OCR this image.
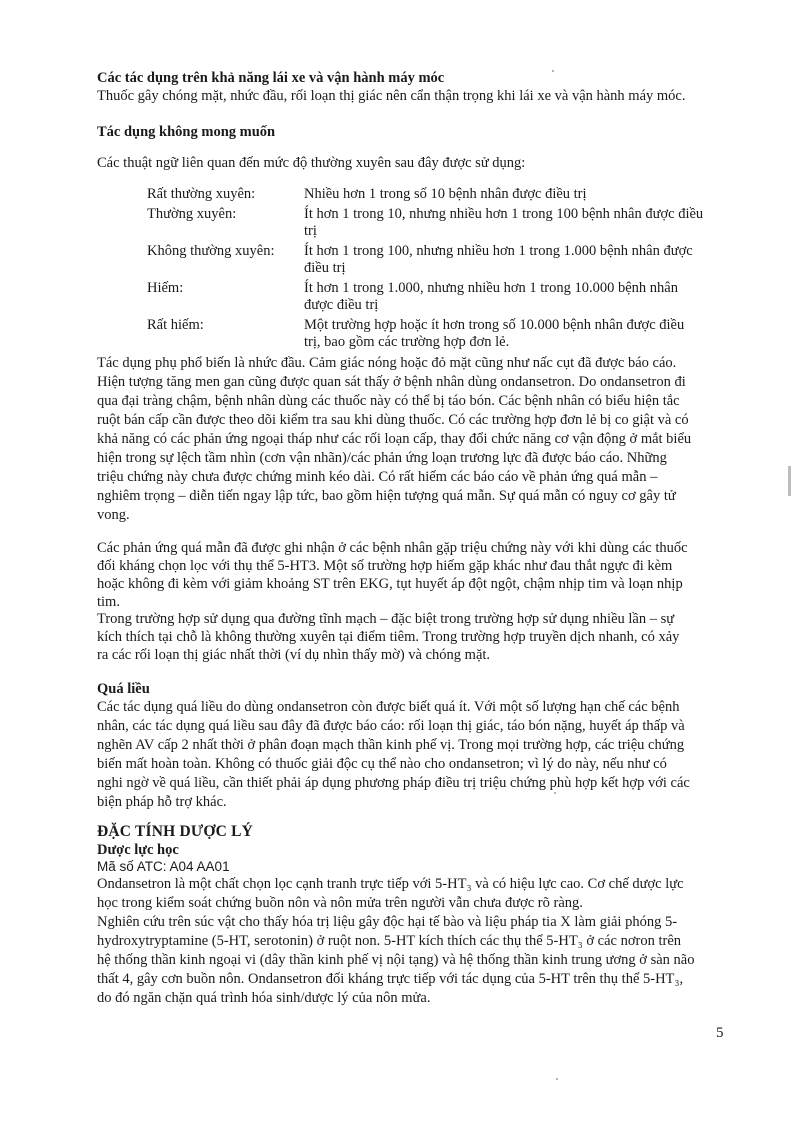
Các tác dụng trên khả năng lái xe và vận hành máy móc
Thuốc gây chóng mặt, nhức đầu, rối loạn thị giác nên cẩn thận trọng khi lái xe và vận hành máy móc.
Tác dụng không mong muốn
Các thuật ngữ liên quan đến mức độ thường xuyên sau đây được sử dụng:
Rất thường xuyên:	Nhiều hơn 1 trong số 10 bệnh nhân được điều trị
Thường xuyên:	Ít hơn 1 trong 10, nhưng nhiều hơn 1 trong 100 bệnh nhân được điều trị
Không thường xuyên: Ít hơn 1 trong 100, nhưng nhiều hơn 1 trong 1.000 bệnh nhân được điều trị
Hiếm:	Ít hơn 1 trong 1.000, nhưng nhiều hơn 1 trong 10.000 bệnh nhân được điều trị
Rất hiếm:	Một trường hợp hoặc ít hơn trong số 10.000 bệnh nhân được điều trị, bao gồm các trường hợp đơn lẻ.
Tác dụng phụ phổ biến là nhức đầu. Cảm giác nóng hoặc đỏ mặt cũng như nấc cụt đã được báo cáo.
Hiện tượng tăng men gan cũng được quan sát thấy ở bệnh nhân dùng ondansetron. Do ondansetron đi
qua đại tràng chậm, bệnh nhân dùng các thuốc này có thể bị táo bón. Các bệnh nhân có biểu hiện tắc
ruột bán cấp cần được theo dõi kiểm tra sau khi dùng thuốc. Có các trường hợp đơn lẻ bị co giật và có
khả năng có các phản ứng ngoại tháp như các rối loạn cấp, thay đổi chức năng cơ vận động ở mắt biểu
hiện trong sự lệch tầm nhìn (cơn vận nhãn)/các phản ứng loạn trương lực đã được báo cáo. Những
triệu chứng này chưa được chứng minh kéo dài. Có rất hiếm các báo cáo về phản ứng quá mẫn –
nghiêm trọng – diễn tiến ngay lập tức, bao gồm hiện tượng quá mẫn. Sự quá mẫn có nguy cơ gây tử
vong.
Các phản ứng quá mẫn đã được ghi nhận ở các bệnh nhân gặp triệu chứng này với khi dùng các thuốc
đối kháng chọn lọc với thụ thể 5-HT3. Một số trường hợp hiếm gặp khác như đau thắt ngực đi kèm
hoặc không đi kèm với giảm khoảng ST trên EKG, tụt huyết áp đột ngột, chậm nhịp tim và loạn nhịp
tim.
Trong trường hợp sử dụng qua đường tĩnh mạch – đặc biệt trong trường hợp sử dụng nhiều lần – sự
kích thích tại chỗ là không thường xuyên tại điểm tiêm. Trong trường hợp truyền dịch nhanh, có xảy
ra các rối loạn thị giác nhất thời (ví dụ nhìn thấy mờ) và chóng mặt.
Quá liều
Các tác dụng quá liều do dùng ondansetron còn được biết quá ít. Với một số lượng hạn chế các bệnh
nhân, các tác dụng quá liều sau đây đã được báo cáo: rối loạn thị giác, táo bón nặng, huyết áp thấp và
nghẽn AV cấp 2 nhất thời ở phân đoạn mạch thần kinh phế vị. Trong mọi trường hợp, các triệu chứng
biến mất hoàn toàn. Không có thuốc giải độc cụ thể nào cho ondansetron; vì lý do này, nếu như có
nghi ngờ về quá liều, cần thiết phải áp dụng phương pháp điều trị triệu chứng phù hợp kết hợp với các
biện pháp hỗ trợ khác.
ĐẶC TÍNH DƯỢC LÝ
Dược lực học
Mã số ATC: A04 AA01
Ondansetron là một chất chọn lọc cạnh tranh trực tiếp với 5-HT₃ và có hiệu lực cao. Cơ chế dược lực
học trong kiểm soát chứng buồn nôn và nôn mửa trên người vẫn chưa được rõ ràng.
Nghiên cứu trên súc vật cho thấy hóa trị liệu gây độc hại tế bào và liệu pháp tia X làm giải phóng 5-
hydroxytryptamine (5-HT, serotonin) ở ruột non. 5-HT kích thích các thụ thể 5-HT₃ ở các nơron trên
hệ thống thần kinh ngoại vi (dây thần kinh phế vị nội tạng) và hệ thống thần kinh trung ương ở sàn não
thất 4, gây cơn buồn nôn. Ondansetron đối kháng trực tiếp với tác dụng của 5-HT trên thụ thể 5-HT₃,
do đó ngăn chặn quá trình hóa sinh/dược lý của nôn mửa.
5
